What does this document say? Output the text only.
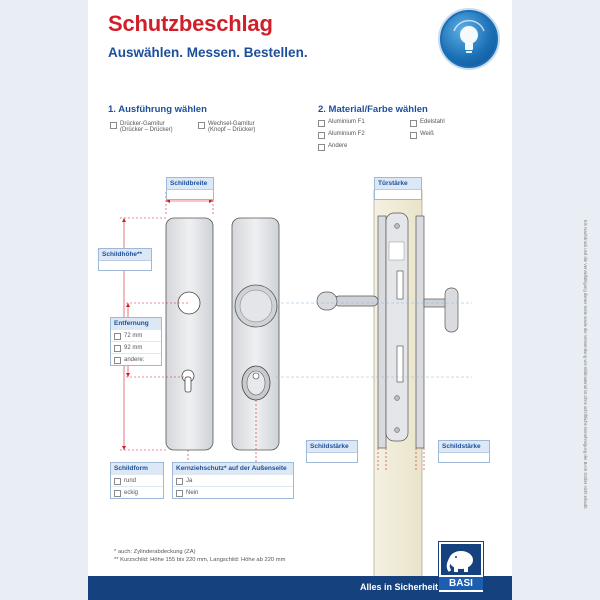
Schutzbeschlag
Auswählen. Messen. Bestellen.
1. Ausführung wählen
Drücker-Garnitur
(Drücker – Drücker)
Wechsel-Garnitur
(Knopf – Drücker)
2. Material/Farbe wählen
Aluminium F1	Edelstahl
Aluminium F2	Weiß
Andere
Schildbreite
Schildhöhe**
Entfernung
72 mm
92 mm
andere:
Schildform
rund
eckig
Kernziehschutz* auf der Außenseite
Ja
Nein
Türstärke
Schildstärke	Schildstärke
* auch: Zylinderabdeckung (ZA)
** Kurzschild: Höhe 155 bis 220 mm, Langschild: Höhe ab 220 mm
Alles in Sicherheit	BASI
Ein Nachdruck und die Vervielfältigung dieser Seite sowie die Verwendung von Bildmaterial ist ohne schriftliche Genehmigung der BASI GmbH nicht erlaubt.
